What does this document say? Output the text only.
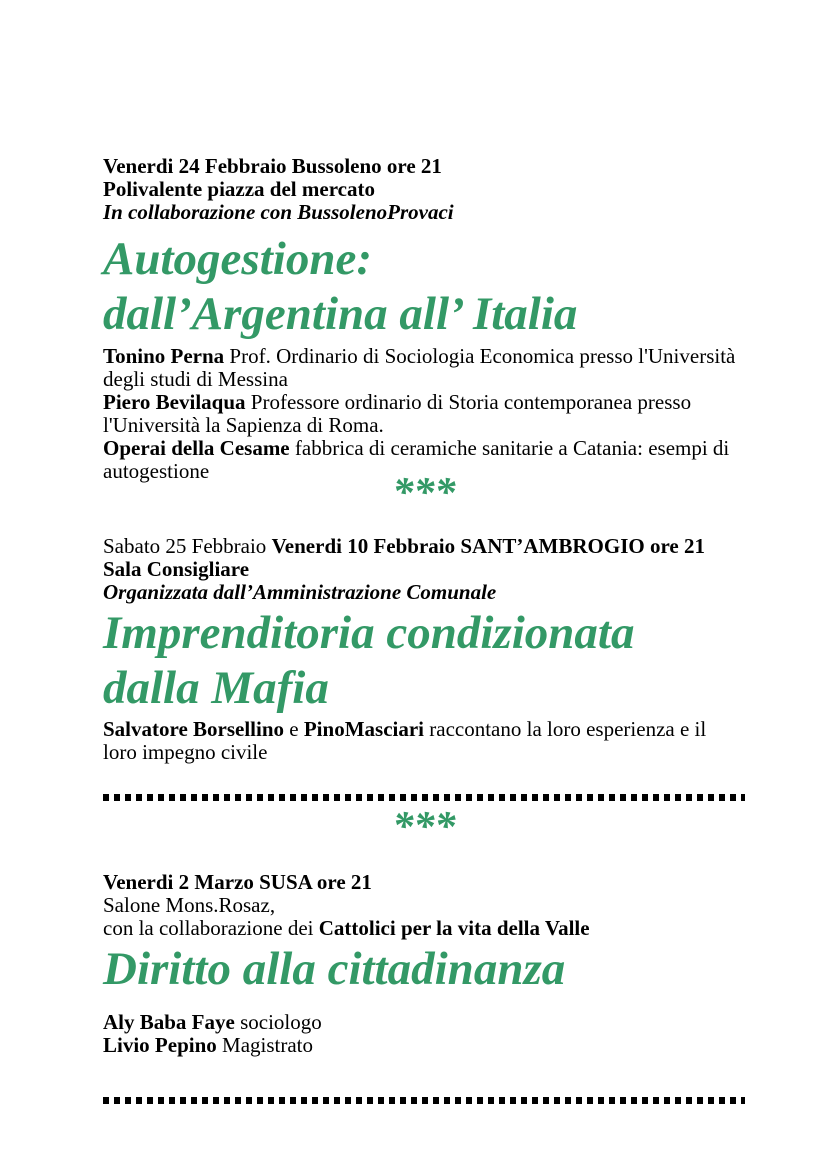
Venerdi 24 Febbraio Bussoleno ore 21
Polivalente piazza del mercato
In collaborazione con BussolenoProvaci
Autogestione:
dall’Argentina all’ Italia
Tonino Perna Prof. Ordinario di Sociologia Economica presso l'Università degli studi di Messina
Piero Bevilaqua Professore ordinario di Storia contemporanea presso l'Università la Sapienza di Roma.
Operai della Cesame fabbrica di ceramiche sanitarie a Catania: esempi di autogestione	***
Sabato 25 Febbraio Venerdi 10 Febbraio SANT’AMBROGIO ore 21
Sala Consigliare
Organizzata dall’Amministrazione Comunale
Imprenditoria condizionata
dalla Mafia
Salvatore Borsellino e PinoMasciari raccontano la loro esperienza e il loro impegno civile
***
Venerdi 2 Marzo SUSA ore 21
Salone Mons.Rosaz,
con la collaborazione dei Cattolici per la vita della Valle
Diritto alla cittadinanza
Aly Baba Faye sociologo
Livio Pepino Magistrato
